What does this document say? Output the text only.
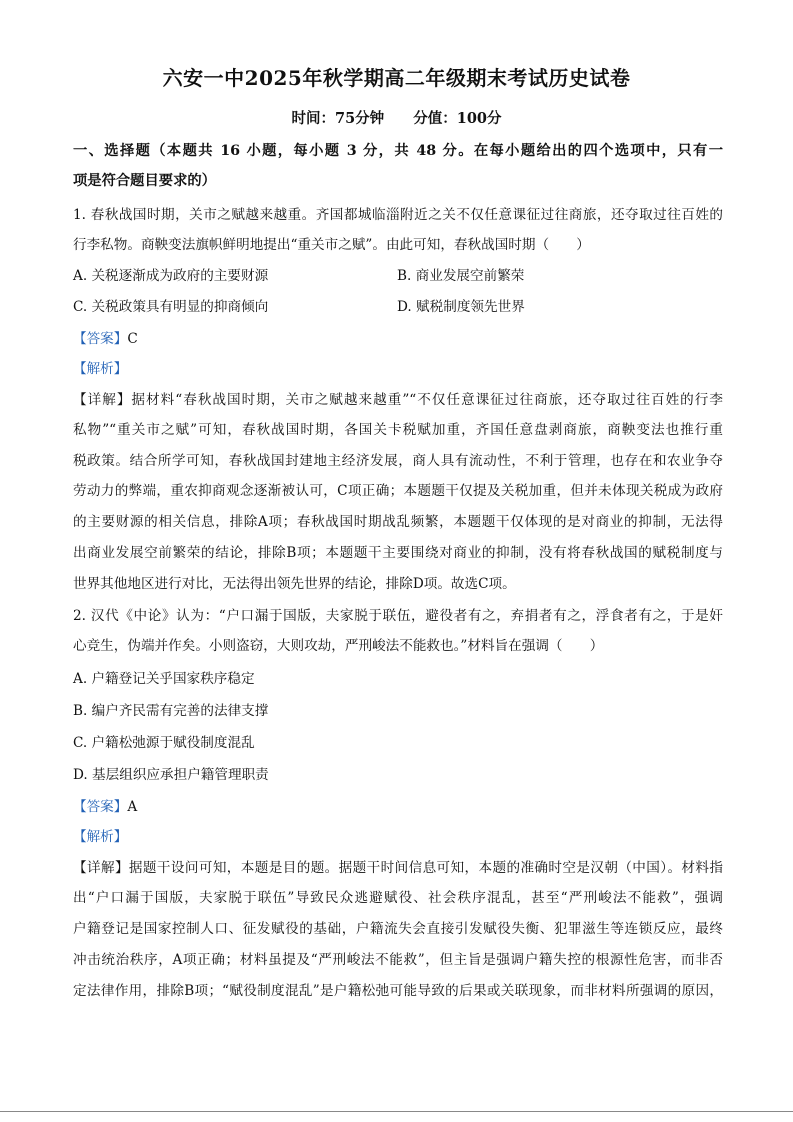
六安一中2025年秋学期高二年级期末考试历史试卷
时间：75分钟 分值：100分
一、选择题（本题共 16 小题，每小题 3 分，共 48 分。在每小题给出的四个选项中，只有一
项是符合题目要求的）
1. 春秋战国时期，关市之赋越来越重。齐国都城临淄附近之关不仅任意课征过往商旅，还夺取过往百姓的
行李私物。商鞅变法旗帜鲜明地提出“重关市之赋”。由此可知，春秋战国时期（　　）
A. 关税逐渐成为政府的主要财源	B. 商业发展空前繁荣
C. 关税政策具有明显的抑商倾向	D. 赋税制度领先世界
【答案】C
【解析】
【详解】据材料“春秋战国时期，关市之赋越来越重”“不仅任意课征过往商旅，还夺取过往百姓的行李
私物”“重关市之赋”可知，春秋战国时期，各国关卡税赋加重，齐国任意盘剥商旅，商鞅变法也推行重
税政策。结合所学可知，春秋战国封建地主经济发展，商人具有流动性，不利于管理，也存在和农业争夺
劳动力的弊端，重农抑商观念逐渐被认可，C项正确；本题题干仅提及关税加重，但并未体现关税成为政府
的主要财源的相关信息，排除A项；春秋战国时期战乱频繁，本题题干仅体现的是对商业的抑制，无法得
出商业发展空前繁荣的结论，排除B项；本题题干主要围绕对商业的抑制，没有将春秋战国的赋税制度与
世界其他地区进行对比，无法得出领先世界的结论，排除D项。故选C项。
2. 汉代《中论》认为：“户口漏于国版，夫家脱于联伍，避役者有之，弃捐者有之，浮食者有之，于是奸
心竞生，伪端并作矣。小则盗窃，大则攻劫，严刑峻法不能救也。”材料旨在强调（　　）
A. 户籍登记关乎国家秩序稳定
B. 编户齐民需有完善的法律支撑
C. 户籍松弛源于赋役制度混乱
D. 基层组织应承担户籍管理职责
【答案】A
【解析】
【详解】据题干设问可知，本题是目的题。据题干时间信息可知，本题的准确时空是汉朝（中国）。材料指
出“户口漏于国版，夫家脱于联伍”导致民众逃避赋役、社会秩序混乱，甚至“严刑峻法不能救”，强调
户籍登记是国家控制人口、征发赋役的基础，户籍流失会直接引发赋役失衡、犯罪滋生等连锁反应，最终
冲击统治秩序，A项正确；材料虽提及“严刑峻法不能救”，但主旨是强调户籍失控的根源性危害，而非否
定法律作用，排除B项；“赋役制度混乱”是户籍松弛可能导致的后果或关联现象，而非材料所强调的原因，
